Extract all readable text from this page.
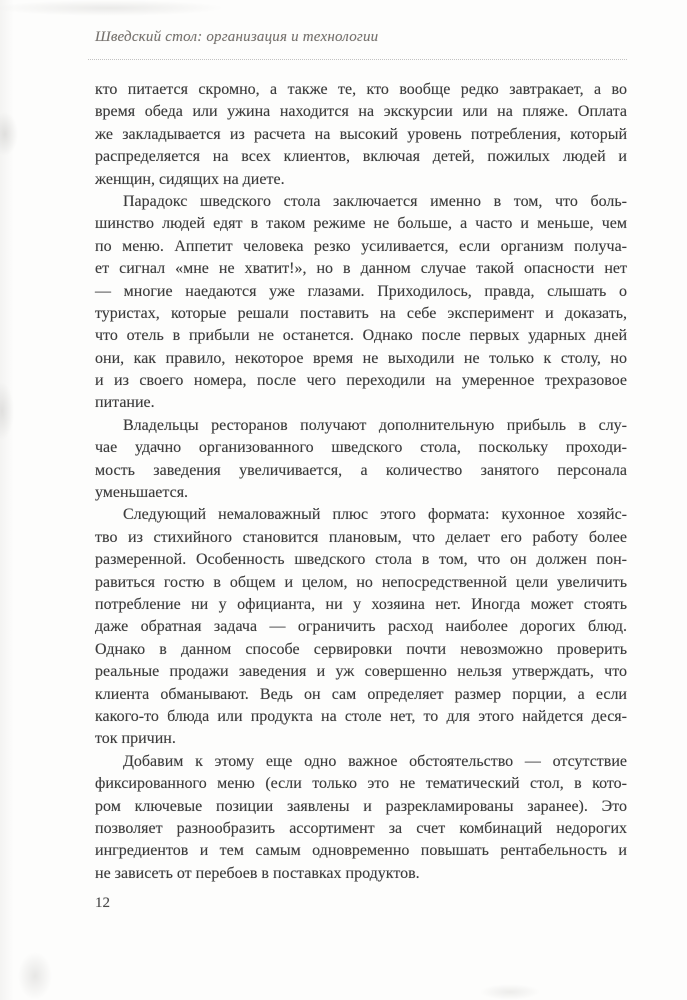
Шведский стол: организация и технологии
кто питается скромно, а также те, кто вообще редко завтракает, а во
время обеда или ужина находится на экскурсии или на пляже. Оплата
же закладывается из расчета на высокий уровень потребления, который
распределяется на всех клиентов, включая детей, пожилых людей и
женщин, сидящих на диете.
Парадокс шведского стола заключается именно в том, что боль-
шинство людей едят в таком режиме не больше, а часто и меньше, чем
по меню. Аппетит человека резко усиливается, если организм получа-
ет сигнал «мне не хватит!», но в данном случае такой опасности нет
— многие наедаются уже глазами. Приходилось, правда, слышать о
туристах, которые решали поставить на себе эксперимент и доказать,
что отель в прибыли не останется. Однако после первых ударных дней
они, как правило, некоторое время не выходили не только к столу, но
и из своего номера, после чего переходили на умеренное трехразовое
питание.
Владельцы ресторанов получают дополнительную прибыль в слу-
чае удачно организованного шведского стола, поскольку проходи-
мость заведения увеличивается, а количество занятого персонала
уменьшается.
Следующий немаловажный плюс этого формата: кухонное хозяйс-
тво из стихийного становится плановым, что делает его работу более
размеренной. Особенность шведского стола в том, что он должен пон-
равиться гостю в общем и целом, но непосредственной цели увеличить
потребление ни у официанта, ни у хозяина нет. Иногда может стоять
даже обратная задача — ограничить расход наиболее дорогих блюд.
Однако в данном способе сервировки почти невозможно проверить
реальные продажи заведения и уж совершенно нельзя утверждать, что
клиента обманывают. Ведь он сам определяет размер порции, а если
какого-то блюда или продукта на столе нет, то для этого найдется деся-
ток причин.
Добавим к этому еще одно важное обстоятельство — отсутствие
фиксированного меню (если только это не тематический стол, в кото-
ром ключевые позиции заявлены и разрекламированы заранее). Это
позволяет разнообразить ассортимент за счет комбинаций недорогих
ингредиентов и тем самым одновременно повышать рентабельность и
не зависеть от перебоев в поставках продуктов.
12
